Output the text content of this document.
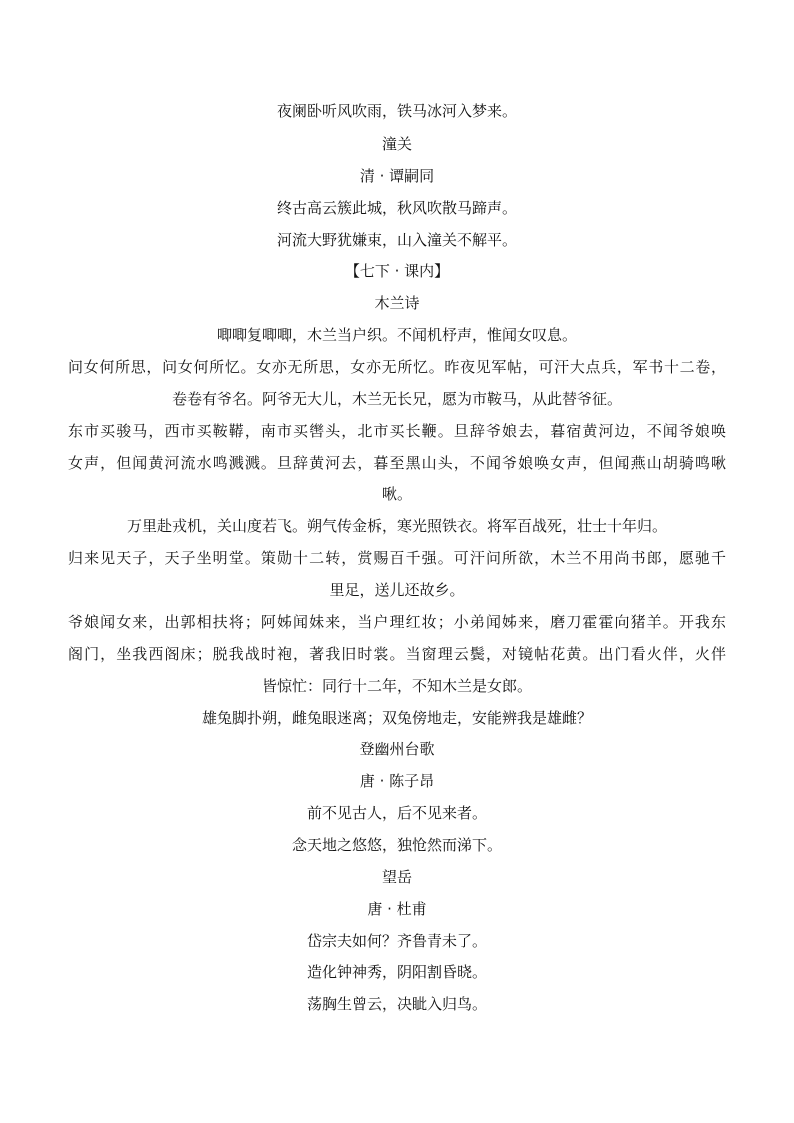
夜阑卧听风吹雨，铁马冰河入梦来。
潼关
清 · 谭嗣同
终古高云簇此城，秋风吹散马蹄声。
河流大野犹嫌束，山入潼关不解平。
【七下 · 课内】
木兰诗
唧唧复唧唧，木兰当户织。不闻机杼声，惟闻女叹息。
问女何所思，问女何所忆。女亦无所思，女亦无所忆。昨夜见军帖，可汗大点兵，军书十二卷，
卷卷有爷名。阿爷无大儿，木兰无长兄，愿为市鞍马，从此替爷征。
东市买骏马，西市买鞍鞯，南市买辔头，北市买长鞭。旦辞爷娘去，暮宿黄河边，不闻爷娘唤
女声，但闻黄河流水鸣溅溅。旦辞黄河去，暮至黑山头，不闻爷娘唤女声，但闻燕山胡骑鸣啾
啾。
万里赴戎机，关山度若飞。朔气传金柝，寒光照铁衣。将军百战死，壮士十年归。
归来见天子，天子坐明堂。策勋十二转，赏赐百千强。可汗问所欲，木兰不用尚书郎，愿驰千
里足，送儿还故乡。
爷娘闻女来，出郭相扶将；阿姊闻妹来，当户理红妆；小弟闻姊来，磨刀霍霍向猪羊。开我东
阁门，坐我西阁床；脱我战时袍，著我旧时裳。当窗理云鬓，对镜帖花黄。出门看火伴，火伴
皆惊忙：同行十二年，不知木兰是女郎。
雄兔脚扑朔，雌兔眼迷离；双兔傍地走，安能辨我是雄雌？
登幽州台歌
唐 · 陈子昂
前不见古人，后不见来者。
念天地之悠悠，独怆然而涕下。
望岳
唐 · 杜甫
岱宗夫如何？齐鲁青未了。
造化钟神秀，阴阳割昏晓。
荡胸生曾云，决眦入归鸟。
